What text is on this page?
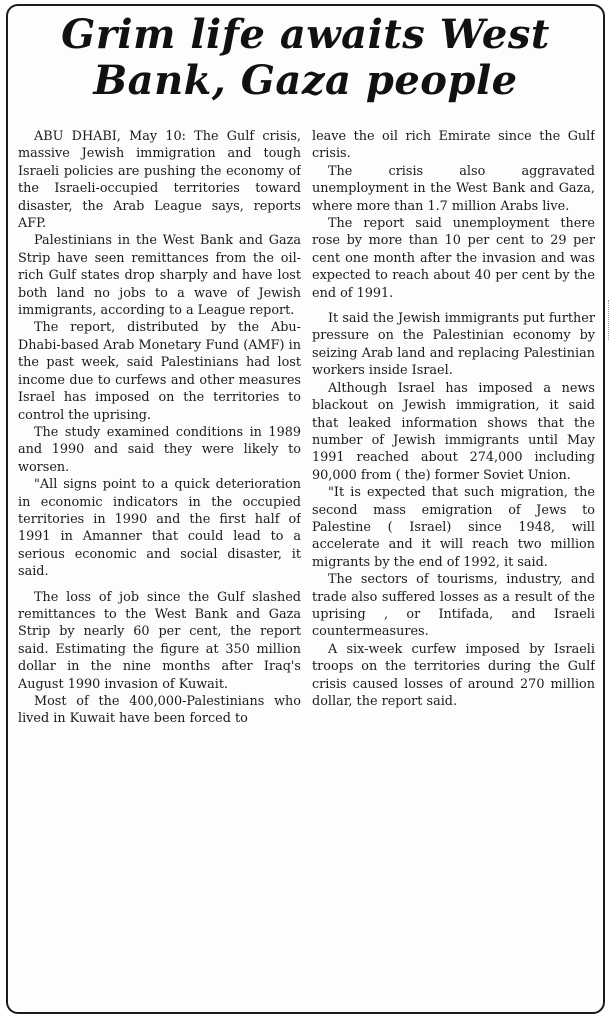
Grim life awaits West Bank, Gaza people

ABU DHABI, May 10: The Gulf crisis, massive Jewish immigration and tough Israeli policies are pushing the economy of the Israeli-occupied territories toward disaster, the Arab League says, reports AFP.

Palestinians in the West Bank and Gaza Strip have seen remittances from the oil-rich Gulf states drop sharply and have lost both land no jobs to a wave of Jewish immigrants, according to a League report.

The report, distributed by the Abu-Dhabi-based Arab Monetary Fund (AMF) in the past week, said Palestinians had lost income due to curfews and other measures Israel has imposed on the territories to control the uprising.

The study examined conditions in 1989 and 1990 and said they were likely to worsen.

"All signs point to a quick deterioration in economic indicators in the occupied territories in 1990 and the first half of 1991 in Amanner that could lead to a serious economic and social disaster, it said.

The loss of job since the Gulf slashed remittances to the West Bank and Gaza Strip by nearly 60 per cent, the report said. Estimating the figure at 350 million dollar in the nine months after Iraq's August 1990 invasion of Kuwait.

Most of the 400,000-Palestinians who lived in Kuwait have been forced to

leave the oil rich Emirate since the Gulf crisis.

The crisis also aggravated unemployment in the West Bank and Gaza, where more than 1.7 million Arabs live.

The report said unemployment there rose by more than 10 per cent to 29 per cent one month after the invasion and was expected to reach about 40 per cent by the end of 1991.

It said the Jewish immigrants put further pressure on the Palestinian economy by seizing Arab land and replacing Palestinian workers inside Israel.

Although Israel has imposed a news blackout on Jewish immigration, it said that leaked information shows that the number of Jewish immigrants until May 1991 reached about 274,000 including 90,000 from ( the) former Soviet Union.

"It is expected that such migration, the second mass emigration of Jews to Palestine ( Israel) since 1948, will accelerate and it will reach two million migrants by the end of 1992, it said.

The sectors of tourisms, industry, and trade also suffered losses as a result of the uprising , or Intifada, and Israeli countermeasures.

A six-week curfew imposed by Israeli troops on the territories during the Gulf crisis caused losses of around 270 million dollar, the report said.
